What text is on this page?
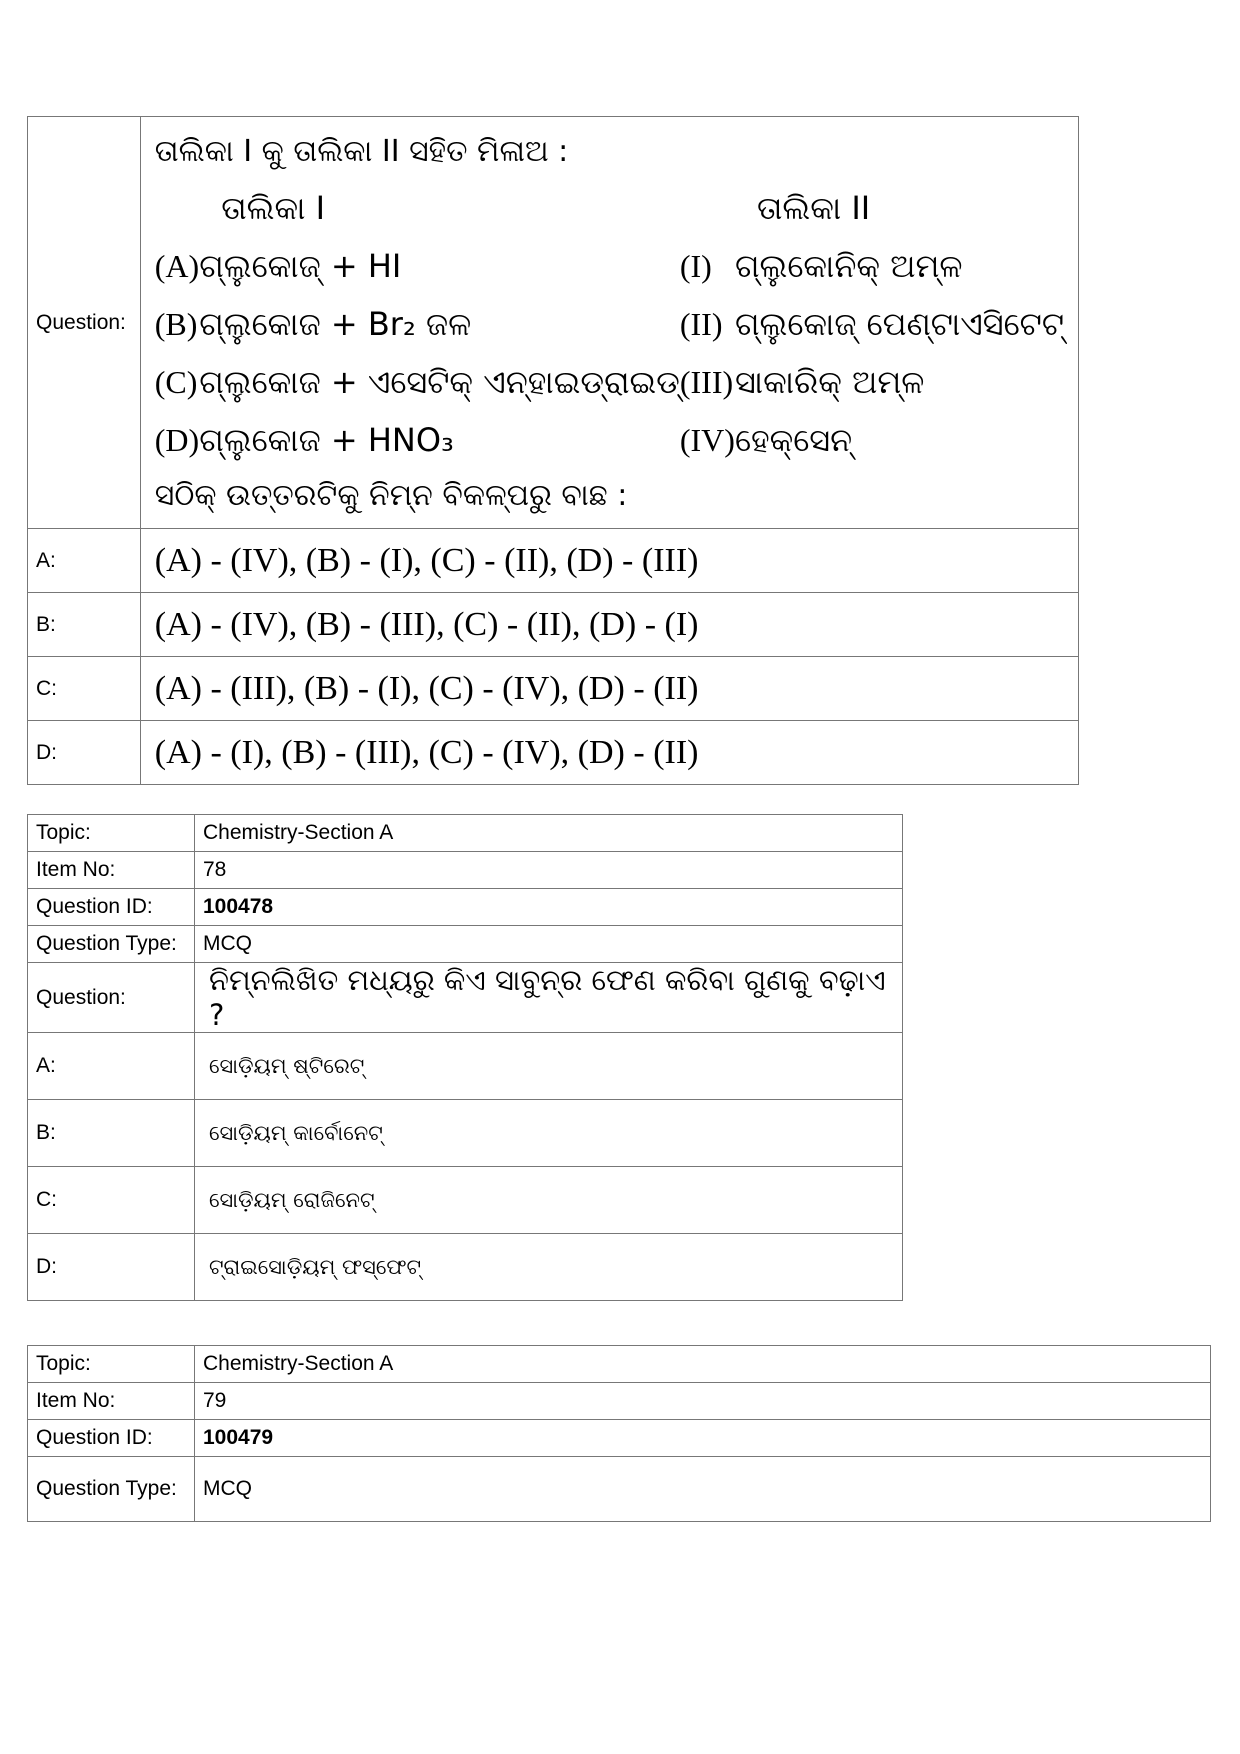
Question:	
ତାଲିକା I କୁ ତାଲିକା II ସହିତ ମିଳାଅ :
	ତାଲିକା I		ତାଲିକା II
(A)	ଗ୍ଲୁକୋଜ୍ + HI	(I)	ଗ୍ଲୁକୋନିକ୍ ଅମ୍ଳ
(B)	ଗ୍ଲୁକୋଜ + Br₂ ଜଳ	(II)	ଗ୍ଲୁକୋଜ୍ ପେଣ୍ଟାଏସିଟେଟ୍
(C)	ଗ୍ଲୁକୋଜ + ଏସେଟିକ୍ ଏନ୍‌ହାଇଡ୍ରାଇଡ୍	(III)	ସାକାରିକ୍ ଅମ୍ଳ
(D)	ଗ୍ଲୁକୋଜ + HNO₃	(IV)	ହେକ୍ସେନ୍
ସଠିକ୍ ଉତ୍ତରଟିକୁ ନିମ୍ନ ବିକଳ୍ପରୁ ବାଛ :

A:	(A) - (IV), (B) - (I), (C) - (II), (D) - (III)
B:	(A) - (IV), (B) - (III), (C) - (II), (D) - (I)
C:	(A) - (III), (B) - (I), (C) - (IV), (D) - (II)
D:	(A) - (I), (B) - (III), (C) - (IV), (D) - (II)
Topic:	Chemistry-Section A
Item No:	78
Question ID:	100478
Question Type:	MCQ
Question:	ନିମ୍ନଲିଖିତ ମଧ୍ୟରୁ କିଏ ସାବୁନ୍‌ର ଫେଣ କରିବା ଗୁଣକୁ ବଢ଼ାଏ ?
A:	ସୋଡ଼ିୟମ୍ ଷ୍ଟିରେଟ୍
B:	ସୋଡ଼ିୟମ୍ କାର୍ବୋନେଟ୍
C:	ସୋଡ଼ିୟମ୍ ରୋଜିନେଟ୍
D:	ଟ୍ରାଇସୋଡ଼ିୟମ୍ ଫସ୍‌ଫେଟ୍
Topic:	Chemistry-Section A
Item No:	79
Question ID:	100479
Question Type:	MCQ
